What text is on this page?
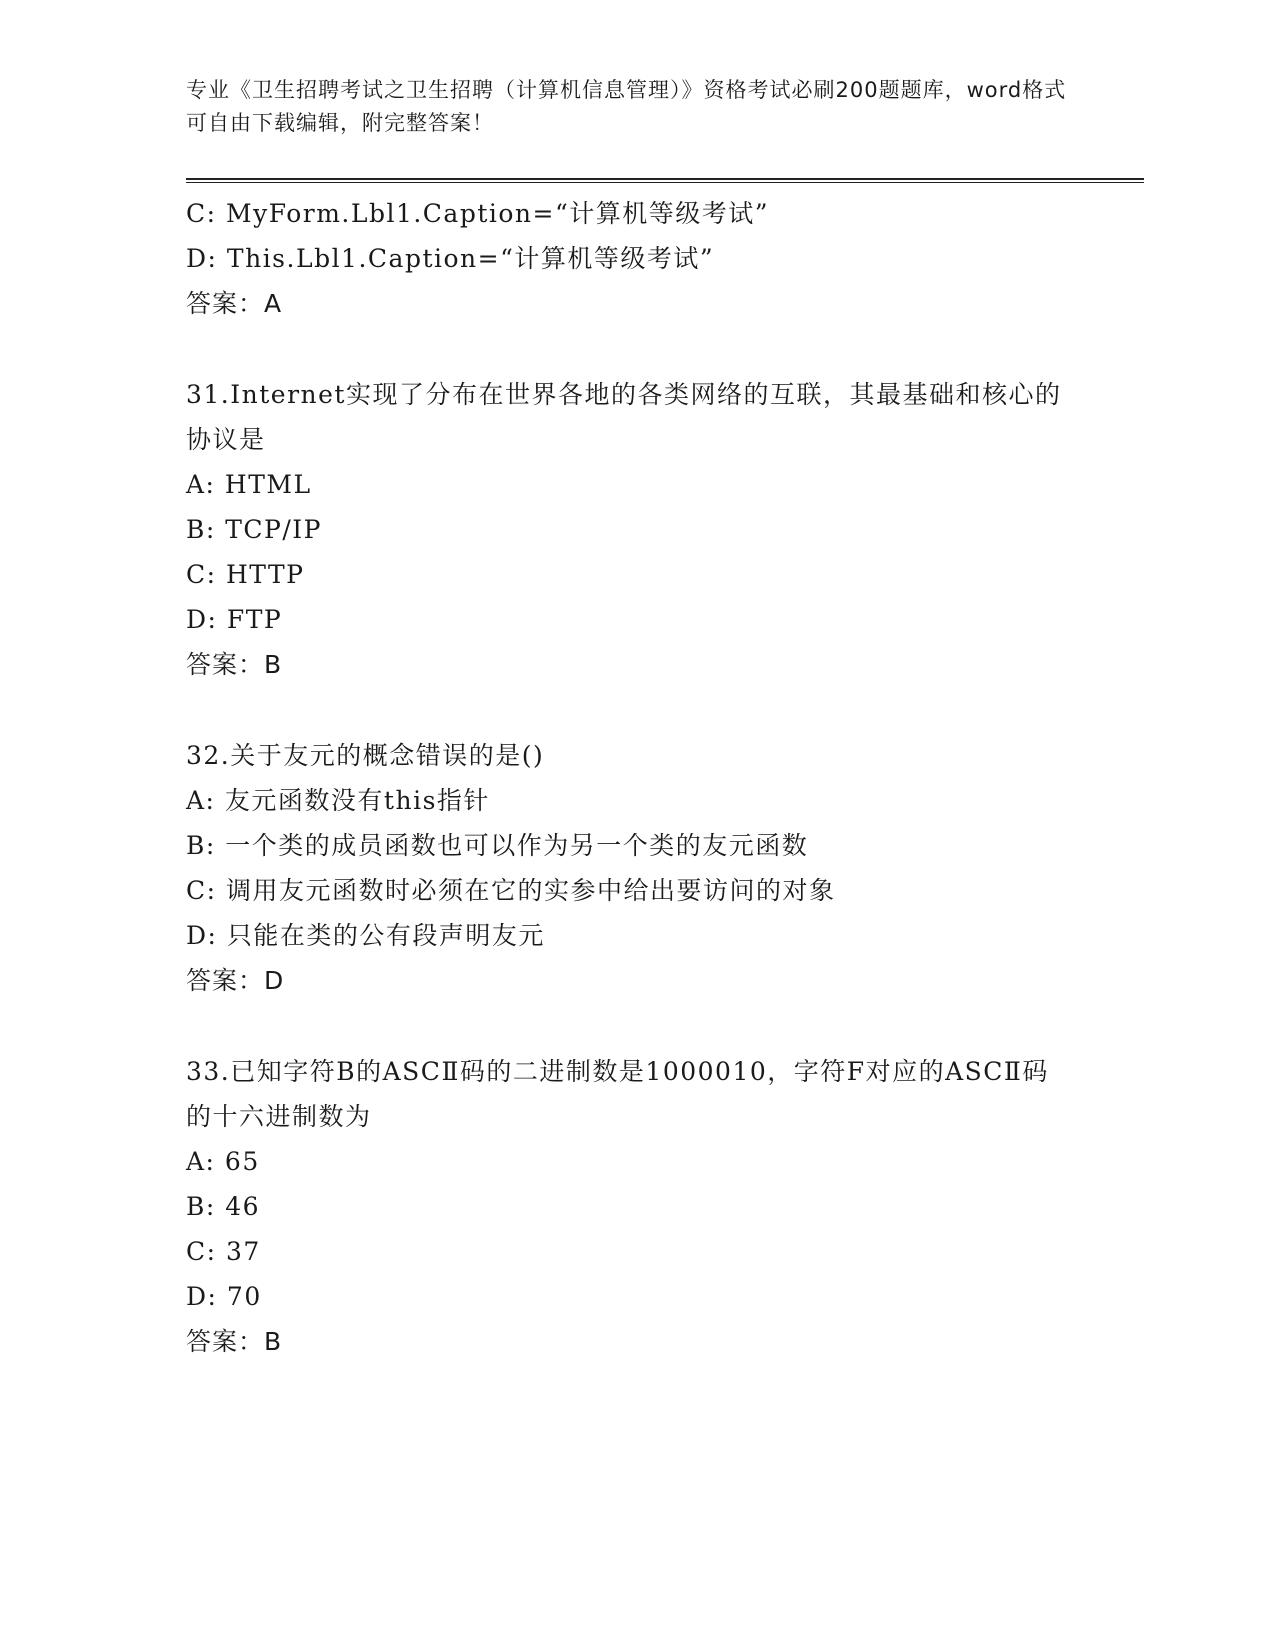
专业《卫生招聘考试之卫生招聘（计算机信息管理）》资格考试必刷200题题库，word格式可自由下载编辑，附完整答案！
C: MyForm.Lbl1.Caption=“计算机等级考试”
D: This.Lbl1.Caption=“计算机等级考试”
答案：A
31.Internet实现了分布在世界各地的各类网络的互联，其最基础和核心的协议是
A: HTML
B: TCP/IP
C: HTTP
D: FTP
答案：B
32.关于友元的概念错误的是()
A: 友元函数没有this指针
B: 一个类的成员函数也可以作为另一个类的友元函数
C: 调用友元函数时必须在它的实参中给出要访问的对象
D: 只能在类的公有段声明友元
答案：D
33.已知字符B的ASCⅡ码的二进制数是1000010，字符F对应的ASCⅡ码的十六进制数为
A: 65
B: 46
C: 37
D: 70
答案：B
